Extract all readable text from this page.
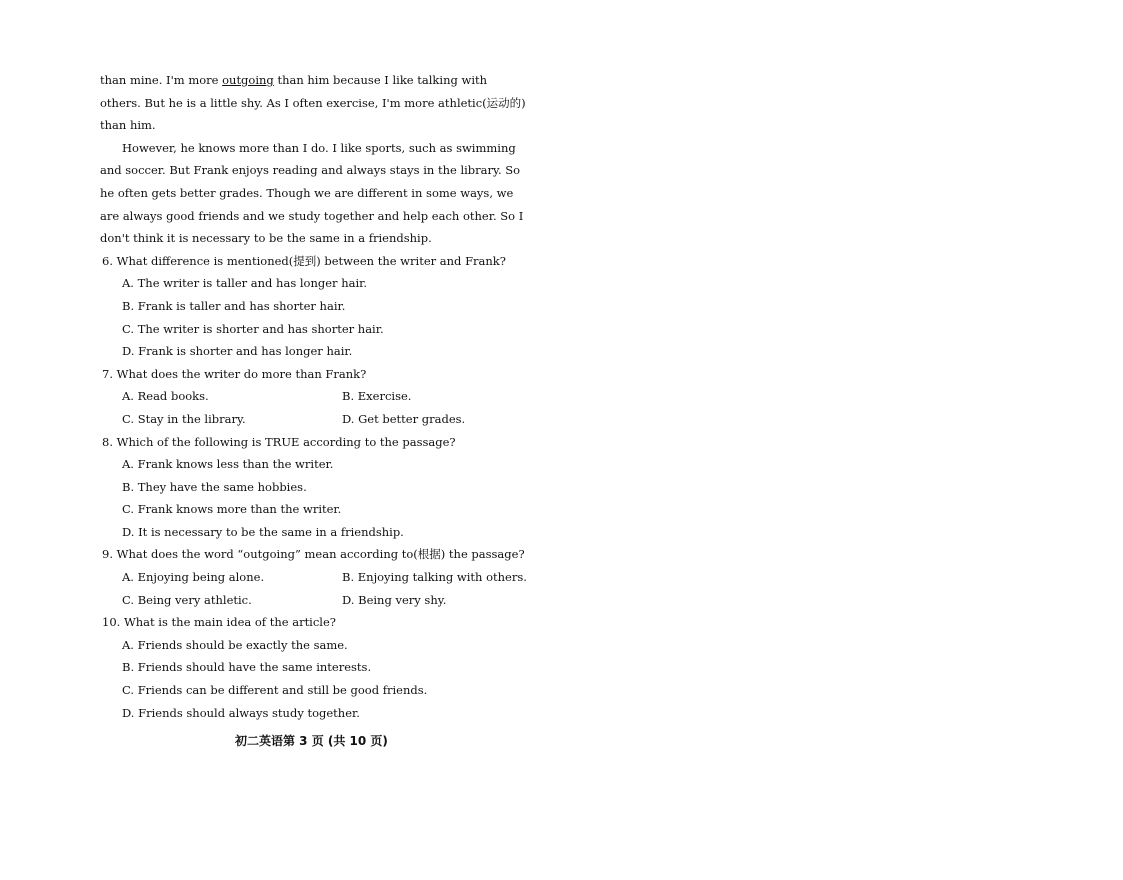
than mine. I'm more outgoing than him because I like talking with others. But he is a little shy. As I often exercise, I'm more athletic(运动的) than him.

However, he knows more than I do. I like sports, such as swimming and soccer. But Frank enjoys reading and always stays in the library. So he often gets better grades. Though we are different in some ways, we are always good friends and we study together and help each other. So I don't think it is necessary to be the same in a friendship.

6. What difference is mentioned(提到) between the writer and Frank?

A. The writer is taller and has longer hair.

B. Frank is taller and has shorter hair.

C. The writer is shorter and has shorter hair.

D. Frank is shorter and has longer hair.

7. What does the writer do more than Frank?

A. Read books.	B. Exercise.
C. Stay in the library.	D. Get better grades.

8. Which of the following is TRUE according to the passage?

A. Frank knows less than the writer.

B. They have the same hobbies.

C. Frank knows more than the writer.

D. It is necessary to be the same in a friendship.

9. What does the word “outgoing” mean according to(根据) the passage?

A. Enjoying being alone.	B. Enjoying talking with others.
C. Being very athletic.	D. Being very shy.

10. What is the main idea of the article?

A. Friends should be exactly the same.

B. Friends should have the same interests.

C. Friends can be different and still be good friends.

D. Friends should always study together.

初二英语第 3 页 (共 10 页)
